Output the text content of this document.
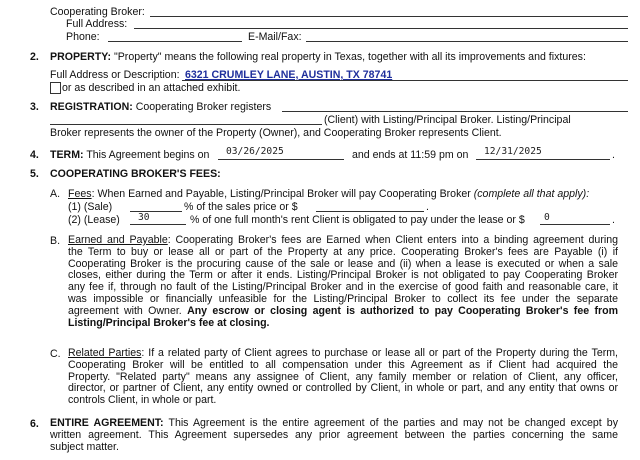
Cooperating Broker:
Full Address:
Phone:	E-Mail/Fax:
2. PROPERTY: "Property" means the following real property in Texas, together with all its improvements and fixtures:
Full Address or Description: 6321 CRUMLEY LANE, AUSTIN, TX 78741
or as described in an attached exhibit.
3. REGISTRATION: Cooperating Broker registers
(Client) with Listing/Principal Broker. Listing/Principal
Broker represents the owner of the Property (Owner), and Cooperating Broker represents Client.
4. TERM: This Agreement begins on 03/26/2025	and ends at 11:59 pm on 12/31/2025	.
5. COOPERATING BROKER'S FEES:
A. Fees: When Earned and Payable, Listing/Principal Broker will pay Cooperating Broker (complete all that apply):
(1) (Sale)	% of the sales price or $	.
(2) (Lease) 30	% of one full month's rent Client is obligated to pay under the lease or $ 0	.
B. Earned and Payable: Cooperating Broker's fees are Earned when Client enters into a binding agreement during
the Term to buy or lease all or part of the Property at any price. Cooperating Broker's fees are Payable (i) if
Cooperating Broker is the procuring cause of the sale or lease and (ii) when a lease is executed or when a sale
closes, either during the Term or after it ends. Listing/Principal Broker is not obligated to pay Cooperating Broker
any fee if, through no fault of the Listing/Principal Broker and in the exercise of good faith and reasonable care, it
was impossible or financially unfeasible for the Listing/Principal Broker to collect its fee under the separate
agreement with Owner. Any escrow or closing agent is authorized to pay Cooperating Broker's fee from
Listing/Principal Broker's fee at closing.
C. Related Parties: If a related party of Client agrees to purchase or lease all or part of the Property during the Term,
Cooperating Broker will be entitled to all compensation under this Agreement as if Client had acquired the
Property. "Related party" means any assignee of Client, any family member or relation of Client, any officer,
director, or partner of Client, any entity owned or controlled by Client, in whole or part, and any entity that owns or
controls Client, in whole or part.
6. ENTIRE AGREEMENT: This Agreement is the entire agreement of the parties and may not be changed except by
written agreement. This Agreement supersedes any prior agreement between the parties concerning the same
subject matter.
